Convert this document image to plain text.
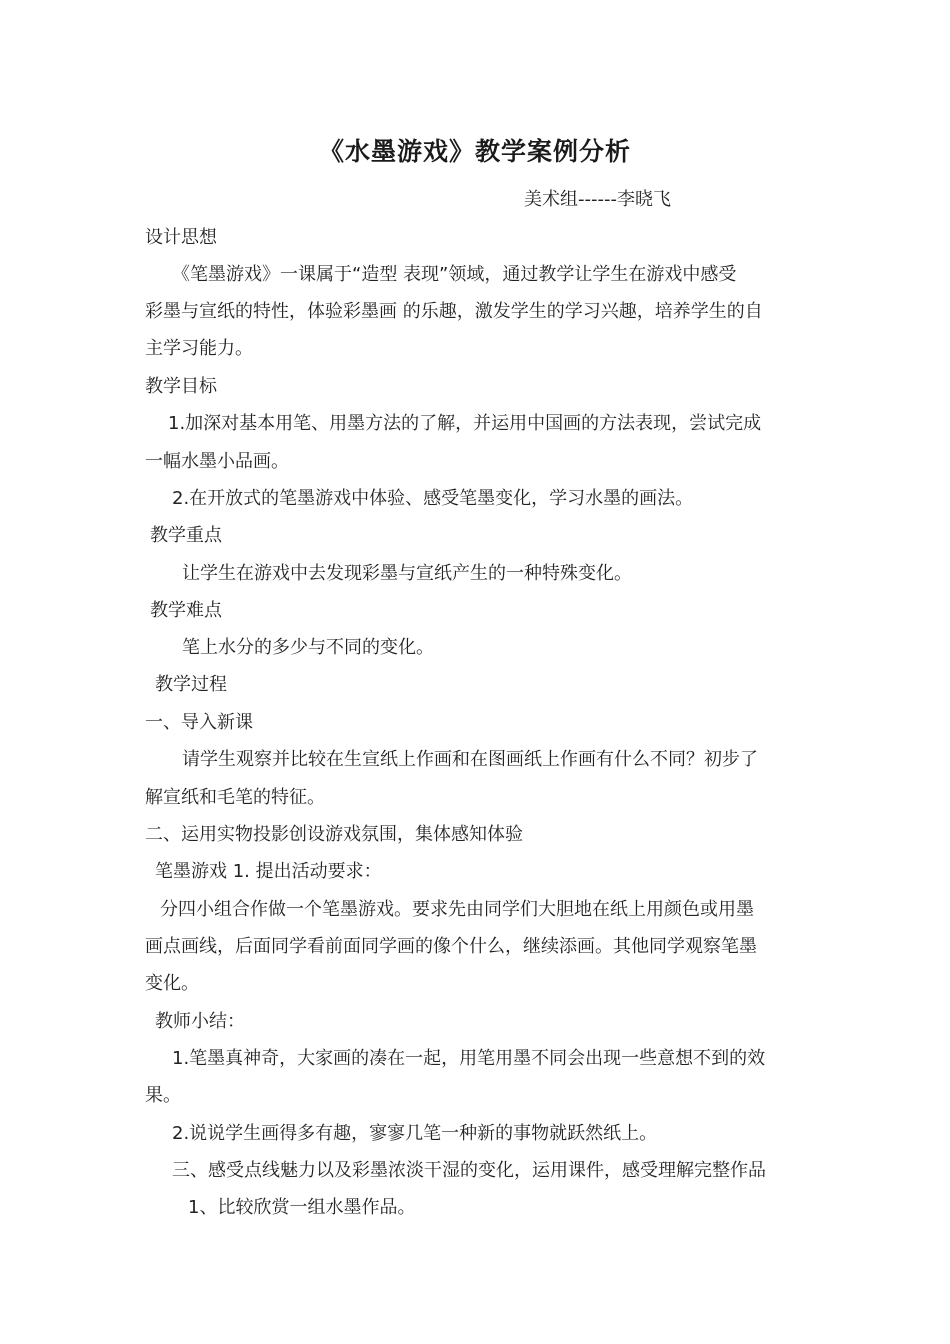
《水墨游戏》教学案例分析
美术组------李晓飞
设计思想
《笔墨游戏》一课属于“造型 表现”领域，通过教学让学生在游戏中感受
彩墨与宣纸的特性，体验彩墨画 的乐趣，激发学生的学习兴趣，培养学生的自
主学习能力。
教学目标
1.加深对基本用笔、用墨方法的了解，并运用中国画的方法表现，尝试完成
一幅水墨小品画。
2.在开放式的笔墨游戏中体验、感受笔墨变化，学习水墨的画法。
教学重点
让学生在游戏中去发现彩墨与宣纸产生的一种特殊变化。
教学难点
笔上水分的多少与不同的变化。
教学过程
一、导入新课
请学生观察并比较在生宣纸上作画和在图画纸上作画有什么不同？初步了
解宣纸和毛笔的特征。
二、运用实物投影创设游戏氛围，集体感知体验
笔墨游戏 1. 提出活动要求：
分四小组合作做一个笔墨游戏。要求先由同学们大胆地在纸上用颜色或用墨
画点画线，后面同学看前面同学画的像个什么，继续添画。其他同学观察笔墨
变化。
教师小结：
1.笔墨真神奇，大家画的凑在一起，用笔用墨不同会出现一些意想不到的效
果。
2.说说学生画得多有趣，寥寥几笔一种新的事物就跃然纸上。
三、感受点线魅力以及彩墨浓淡干湿的变化，运用课件，感受理解完整作品
1、比较欣赏一组水墨作品。
